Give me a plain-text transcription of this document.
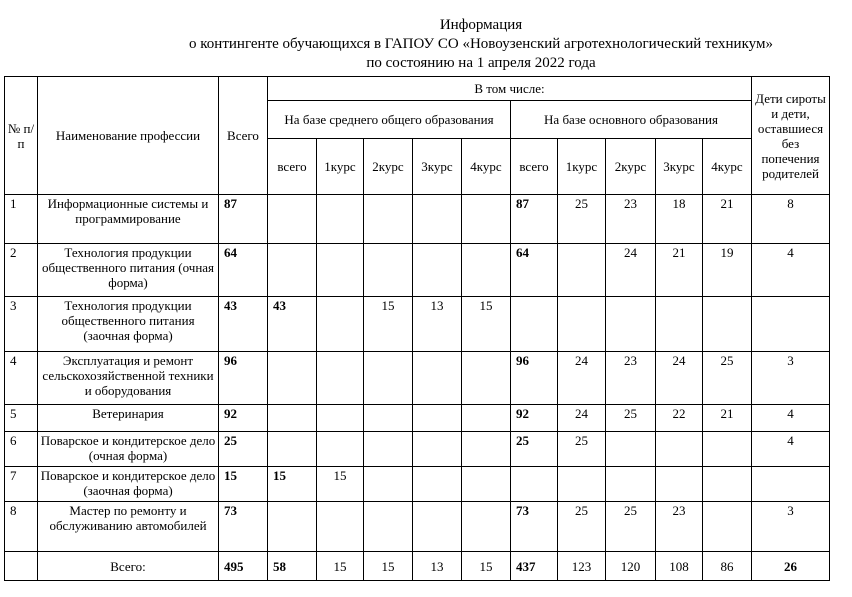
Информация
о контингенте обучающихся в ГАПОУ СО «Новоузенский агротехнологический техникум»
по состоянию на 1 апреля 2022 года
№ п/п	Наименование профессии	Всего	В том числе:										Дети сироты и дети, оставшиеся без попечения родителей
			На базе среднего общего образования					На базе основного образования					
			всего	1курс	2курс	3курс	4курс	всего	1курс	2курс	3курс	4курс	
1	Информационные системы и программирование	87						87	25	23	18	21	8
2	Технология продукции общественного питания (очная форма)	64						64		24	21	19	4
3	Технология продукции общественного питания (заочная форма)	43	43		15	13	15						
4	Эксплуатация и ремонт сельскохозяйственной техники и оборудования	96						96	24	23	24	25	3
5	Ветеринария	92						92	24	25	22	21	4
6	Поварское и кондитерское дело (очная форма)	25						25	25				4
7	Поварское и кондитерское дело (заочная форма)	15	15	15									
8	Мастер по ремонту и обслуживанию автомобилей	73						73	25	25	23		3
	Всего:	495	58	15	15	13	15	437	123	120	108	86	26
